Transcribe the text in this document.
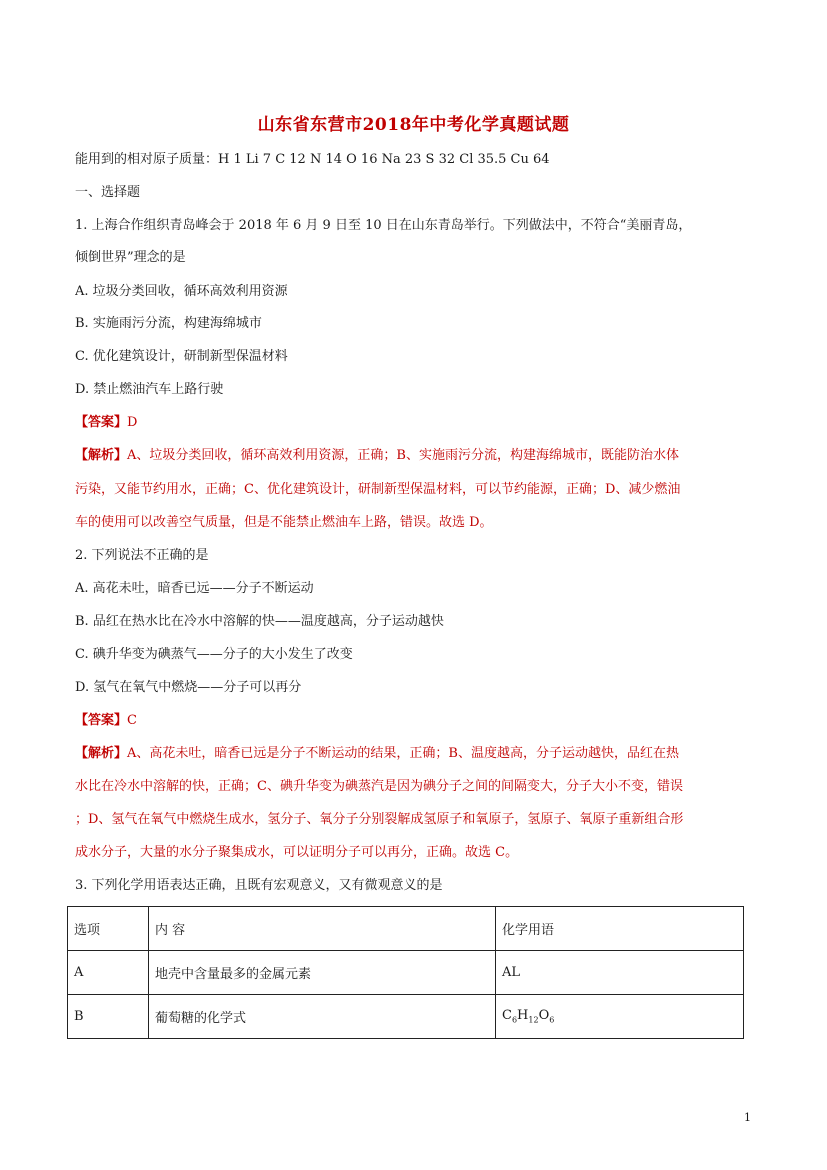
山东省东营市2018年中考化学真题试题
能用到的相对原子质量：H 1 Li 7 C 12 N 14 O 16 Na 23 S 32 Cl 35.5 Cu 64
一、选择题
1. 上海合作组织青岛峰会于 2018 年 6 月 9 日至 10 日在山东青岛举行。下列做法中，不符合“美丽青岛，
倾倒世界”理念的是
A. 垃圾分类回收，循环高效利用资源
B. 实施雨污分流，构建海绵城市
C. 优化建筑设计，研制新型保温材料
D. 禁止燃油汽车上路行驶
【答案】D
【解析】A、垃圾分类回收，循环高效利用资源，正确；B、实施雨污分流，构建海绵城市，既能防治水体
污染，又能节约用水，正确；C、优化建筑设计，研制新型保温材料，可以节约能源，正确；D、减少燃油
车的使用可以改善空气质量，但是不能禁止燃油车上路，错误。故选 D。
2. 下列说法不正确的是
A. 高花未吐，暗香已远——分子不断运动
B. 品红在热水比在冷水中溶解的快——温度越高，分子运动越快
C. 碘升华变为碘蒸气——分子的大小发生了改变
D. 氢气在氧气中燃烧——分子可以再分
【答案】C
【解析】A、高花未吐，暗香已远是分子不断运动的结果，正确；B、温度越高，分子运动越快，品红在热
水比在冷水中溶解的快，正确；C、碘升华变为碘蒸汽是因为碘分子之间的间隔变大，分子大小不变，错误
；D、氢气在氧气中燃烧生成水，氢分子、氧分子分别裂解成氢原子和氧原子，氢原子、氧原子重新组合形
成水分子，大量的水分子聚集成水，可以证明分子可以再分，正确。故选 C。
3. 下列化学用语表达正确，且既有宏观意义，又有微观意义的是
选项	内 容	化学用语
A	地壳中含量最多的金属元素	AL
B	葡萄糖的化学式	$C_6H_{12}O_6$
1
